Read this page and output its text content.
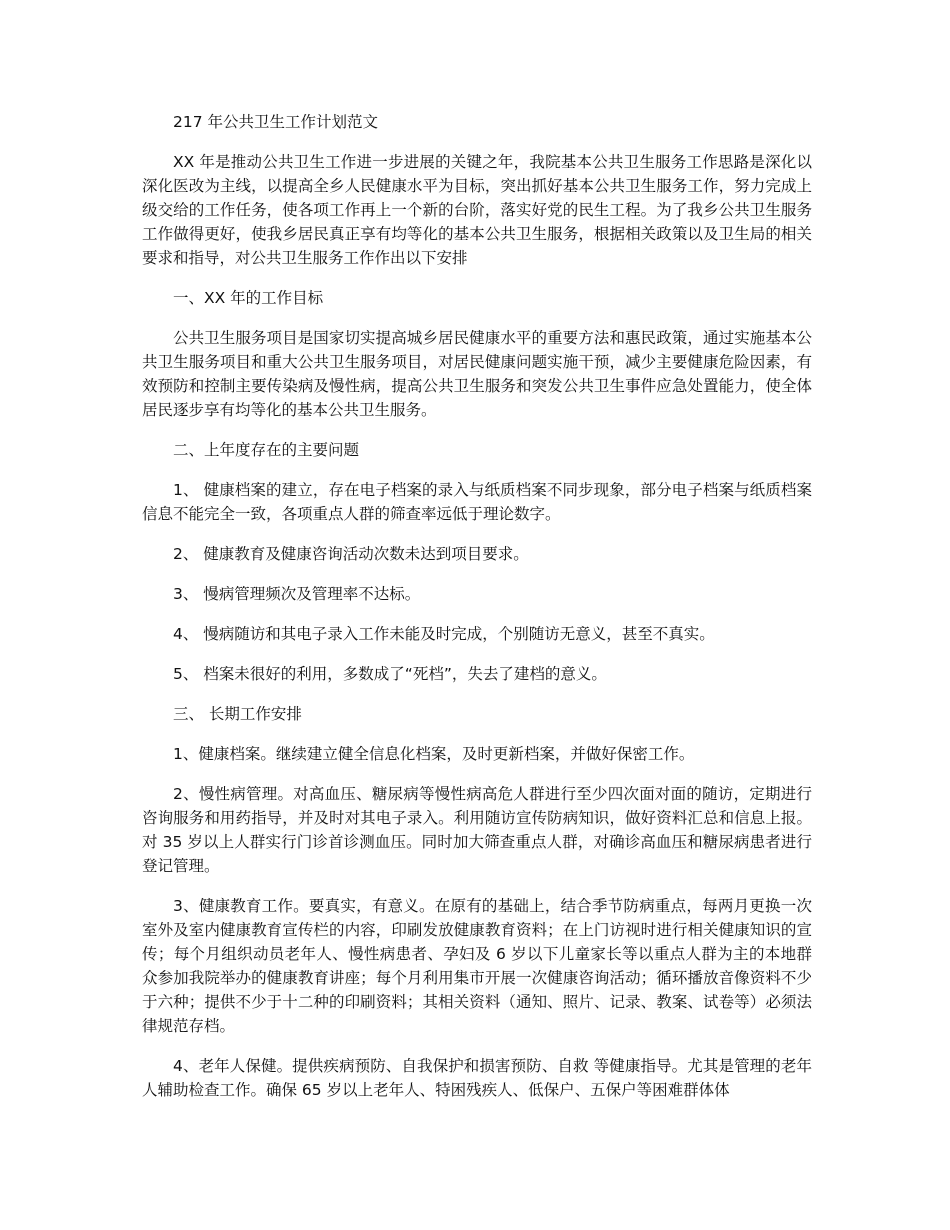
217 年公共卫生工作计划范文

XX 年是推动公共卫生工作进一步进展的关键之年，我院基本公共卫生服务工作思路是深化以深化医改为主线，以提高全乡人民健康水平为目标，突出抓好基本公共卫生服务工作，努力完成上级交给的工作任务，使各项工作再上一个新的台阶，落实好党的民生工程。为了我乡公共卫生服务工作做得更好，使我乡居民真正享有均等化的基本公共卫生服务，根据相关政策以及卫生局的相关要求和指导，对公共卫生服务工作作出以下安排

一、XX 年的工作目标

公共卫生服务项目是国家切实提高城乡居民健康水平的重要方法和惠民政策，通过实施基本公共卫生服务项目和重大公共卫生服务项目，对居民健康问题实施干预，减少主要健康危险因素，有效预防和控制主要传染病及慢性病，提高公共卫生服务和突发公共卫生事件应急处置能力，使全体居民逐步享有均等化的基本公共卫生服务。

二、上年度存在的主要问题

1、 健康档案的建立，存在电子档案的录入与纸质档案不同步现象，部分电子档案与纸质档案信息不能完全一致，各项重点人群的筛查率远低于理论数字。

2、 健康教育及健康咨询活动次数未达到项目要求。

3、 慢病管理频次及管理率不达标。

4、 慢病随访和其电子录入工作未能及时完成，个别随访无意义，甚至不真实。

5、 档案未很好的利用，多数成了“死档”，失去了建档的意义。

三、 长期工作安排

1、健康档案。继续建立健全信息化档案，及时更新档案，并做好保密工作。

2、慢性病管理。对高血压、糖尿病等慢性病高危人群进行至少四次面对面的随访，定期进行咨询服务和用药指导，并及时对其电子录入。利用随访宣传防病知识，做好资料汇总和信息上报。对 35 岁以上人群实行门诊首诊测血压。同时加大筛查重点人群，对确诊高血压和糖尿病患者进行登记管理。

3、健康教育工作。要真实，有意义。在原有的基础上，结合季节防病重点，每两月更换一次室外及室内健康教育宣传栏的内容，印刷发放健康教育资料；在上门访视时进行相关健康知识的宣传；每个月组织动员老年人、慢性病患者、孕妇及 6 岁以下儿童家长等以重点人群为主的本地群众参加我院举办的健康教育讲座；每个月利用集市开展一次健康咨询活动；循环播放音像资料不少于六种；提供不少于十二种的印刷资料；其相关资料（通知、照片、记录、教案、试卷等）必须法律规范存档。

4、老年人保健。提供疾病预防、自我保护和损害预防、自救 等健康指导。尤其是管理的老年人辅助检查工作。确保 65 岁以上老年人、特困残疾人、低保户、五保户等困难群体体
